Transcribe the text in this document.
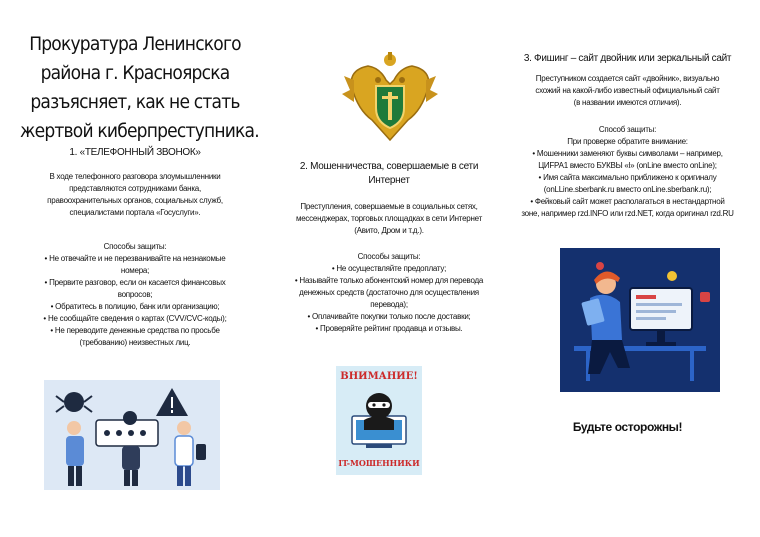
Прокуратура Ленинского
района г. Красноярска
разъясняет, как не стать
жертвой киберпреступника.
1. «ТЕЛЕФОННЫЙ ЗВОНОК»
В ходе телефонного разговора злоумышленники
представляются сотрудниками банка,
правоохранительных органов, социальных служб,
специалистами портала «Госуслуги».
Способы защиты:
• Не отвечайте и не перезванивайте на незнакомые
номера;
• Прервите разговор, если он касается финансовых
вопросов;
• Обратитесь в полицию, банк или организацию;
• Не сообщайте сведения о картах (CVV/CVC-коды);
• Не переводите денежные средства по просьбе
(требованию) неизвестных лиц.
2. Мошенничества, совершаемые в сети
Интернет
Преступления, совершаемые в социальных сетях,
мессенджерах, торговых площадках в сети Интернет
(Авито, Дром и т.д.).
Способы защиты:
• Не осуществляйте предоплату;
• Называйте только абонентский номер для перевода
денежных средств (достаточно для осуществления
перевода);
• Оплачивайте покупки только после доставки;
• Проверяйте рейтинг продавца и отзывы.
ВНИМАНИЕ!
IT-МОШЕННИКИ
3. Фишинг – сайт двойник или зеркальный сайт
Преступником создается сайт «двойник», визуально
схожий на какой-либо известный официальный сайт
(в названии имеются отличия).
Способ защиты:
При проверке обратите внимание:
• Мошенники заменяют буквы символами – например,
ЦИFРА1 вместо БУКВЫ «l» (onLine вместо onLine);
• Имя сайта максимально приближено к оригиналу
(onLLine.sberbank.ru вместо onLine.sberbank.ru);
• Фейковый сайт может располагаться в нестандартной
зоне, например rzd.INFO или rzd.NET, когда оригинал rzd.RU
Будьте осторожны!
